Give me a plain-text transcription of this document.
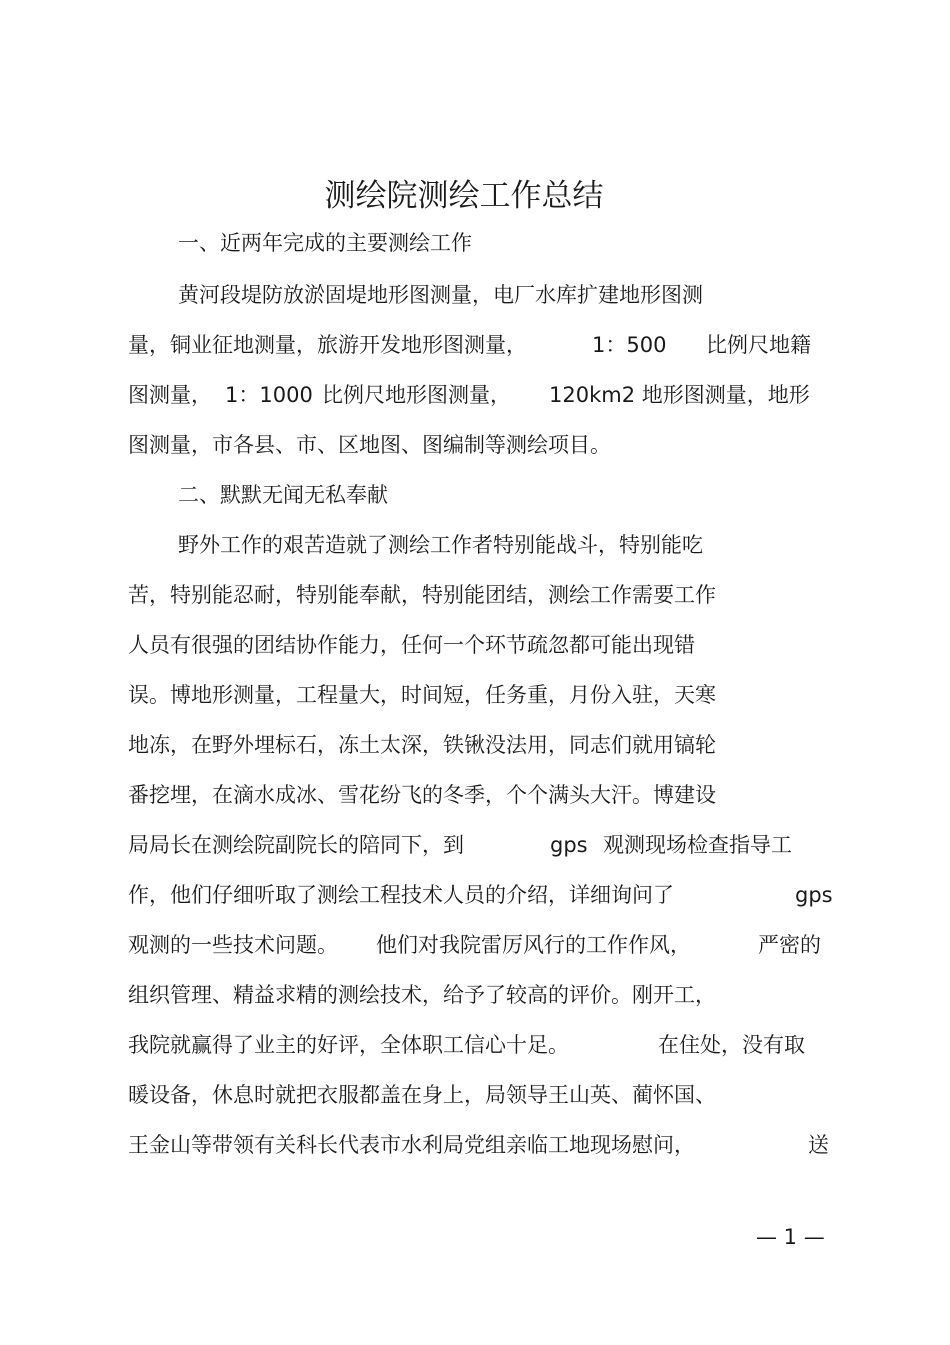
测绘院测绘工作总结
一、近两年完成的主要测绘工作
黄河段堤防放淤固堤地形图测量，电厂水库扩建地形图测
量，铜业征地测量，旅游开发地形图测量，	1：500 比例尺地籍
图测量， 1：1000 比例尺地形图测量， 120km2 地形图测量，地形
图测量，市各县、市、区地图、图编制等测绘项目。
二、默默无闻无私奉献
野外工作的艰苦造就了测绘工作者特别能战斗，特别能吃
苦，特别能忍耐，特别能奉献，特别能团结，测绘工作需要工作
人员有很强的团结协作能力，任何一个环节疏忽都可能出现错
误。博地形测量，工程量大，时间短，任务重，月份入驻，天寒
地冻，在野外埋标石，冻土太深，铁锹没法用，同志们就用镐轮
番挖埋，在滴水成冰、雪花纷飞的冬季，个个满头大汗。博建设
局局长在测绘院副院长的陪同下，到	gps 观测现场检查指导工
作，他们仔细听取了测绘工程技术人员的介绍，详细询问了	gps
观测的一些技术问题。 他们对我院雷厉风行的工作作风，	严密的
组织管理、精益求精的测绘技术，给予了较高的评价。刚开工，
我院就赢得了业主的好评，全体职工信心十足。	在住处，没有取
暖设备，休息时就把衣服都盖在身上，局领导王山英、蔺怀国、
王金山等带领有关科长代表市水利局党组亲临工地现场慰问，	送
— 1 —
